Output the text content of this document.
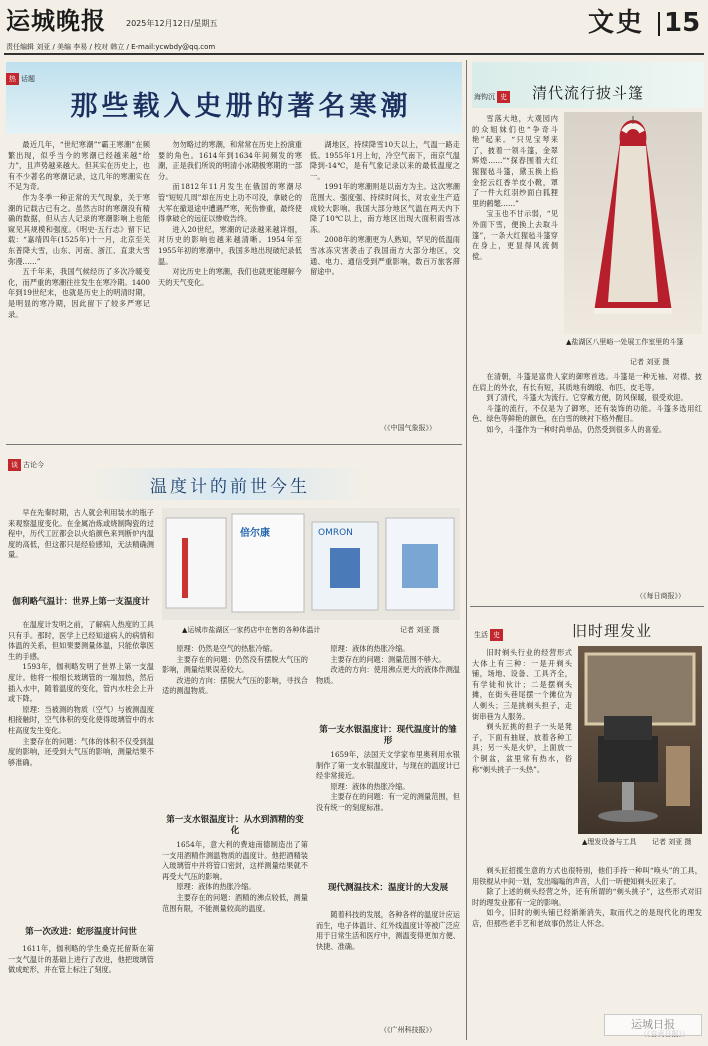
运城晚报	2025年12月12日/星期五	文史 15
责任编辑 刘亚 / 美编 李易 / 校对 韩立 / E-mail:ycwbdy@qq.com
热 话题
那些载入史册的著名寒潮

最近几年，“世纪寒潮”“霸王寒潮”在频繁出现，似乎当今的寒潮已经越来越“给力”，且声势越来越大。但其实在历史上，也有不少著名的寒潮记录，这几年的寒潮实在不足为奇。

作为冬季一种正常的天气现象，关于寒潮的记载古已有之。虽然古时的寒潮没有精确的数据，但从古人记录的寒潮影响上也能窥见其规模和强度。《明史·五行志》留下记载：“嘉靖四年(1525年)十一月，北京至关东普降大雪，山东、河南、浙江、直隶大雪弥漫……”

五千年来，我国气候经历了多次冷暖变化，而严重的寒潮往往发生在寒冷期。1400年到19世纪末，也就是历史上的明清时期，是明显的寒冷期，因此留下了较多严寒记录。

勿勿略过的寒潮，和常常在历史上扮演重要的角色。1614年到1634年间频发的寒潮，正是我们所说的明清小冰期极寒期的一部分。

而1812年11月发生在俄国的寒潮尽管“短短几周”却在历史上功不可没，拿破仑的大军在撤退途中遭遇严寒，死伤惨重，最终使得拿破仑的远征以惨败告终。

进入20世纪，寒潮的记录越来越详细，对历史的影响也越来越清晰。1954年至1955年初的寒潮中，我国多地出现破纪录低温。

对比历史上的寒潮，我们也就更能理解今天的天气变化。

湖地区，持续降雪10天以上，气温一路走低。1955年1月上旬，冷空气南下，南京气温降到-14℃，是有气象记录以来的最低温度之一。

1991年的寒潮则是以南方为主。这次寒潮范围大、强度强、持续时间长，对农业生产造成较大影响。我国大部分地区气温在两天内下降了10℃以上，南方地区出现大面积雨雪冰冻。

2008年的寒潮更为人熟知，罕见的低温雨雪冰冻灾害袭击了我国南方大部分地区，交通、电力、通信受到严重影响，数百万旅客滞留途中。

（《中国气象报》）
海钩沉 史 清代流行披斗篷

雪落大地，大观园内的众姐妹们也“争奇斗艳”起来。“只见宝琴来了，披着一领斗篷，金翠辉煌……”“探春围着大红猩猩毡斗篷，黛玉换上掐金挖云红香羊皮小靴，罩了一件大红羽纱面白狐狸里的鹤氅……”

宝玉也不甘示弱，“见外面下雪，便换上去取斗篷”，一条大红猩毡斗篷穿在身上，更显得风流倜傥。

▲盐湖区八里峪一处展工作室里的斗篷
记者 刘亚 摄

在清朝，斗篷是富贵人家的御寒首选。斗篷是一种无袖、对襟、披在肩上的外衣，有长有短，其质地有绸缎、布匹、皮毛等。

到了清代，斗篷大为流行。它穿戴方便，防风保暖，很受欢迎。

斗篷的流行，不仅是为了御寒，还有装饰的功能。斗篷多选用红色、绿色等鲜艳的颜色，在白雪的映衬下格外醒目。

如今，斗篷作为一种时尚单品，仍然受到很多人的喜爱。

（《每日商报》）
生活 史	旧时理发业

旧时剃头行业的经营形式大体上有三种：一是开剃头铺，场地、设备、工具齐全，有学徒和伙计；二是摆剃头摊，在街头巷尾摆一个摊位为人剃头；三是挑剃头担子，走街串巷为人服务。

剃头匠挑的担子一头是凳子，下面有抽屉，放着各种工具；另一头是火炉，上面放一个铜盆，盆里常有热水，俗称“剃头挑子一头热”。

▲理发设备与工具 记者 刘亚 摄

剃头匠招揽生意的方式也很特别，他们手持一种叫“唤头”的工具，用铁棍从中间一划，发出嗡嗡的声音，人们一听便知剃头匠来了。

除了上述的剃头经营之外，还有所谓的“剃头挑子”，这些形式对旧时的理发业都有一定的影响。

如今，旧时的剃头铺已经渐渐消失，取而代之的是现代化的理发店，但那些老手艺和老故事仍然让人怀念。

谈 古论今
温度计的前世今生

早在先秦时期，古人就会利用装水的瓶子来观察温度变化。在金属冶炼或烧制陶瓷的过程中，历代工匠都会以火焰颜色来判断炉内温度的高低，但这都只是经验感知，无法精确测量。

倍尔康	OMRON
▲运城市盐湖区一家药店中在售的各种体温计	记者 刘亚 摄
伽利略气温计：世界上第一支温度计

在温度计发明之前，了解病人热度的工具只有手。那时，医学上已经知道病人的病情和体温的关系，但如果要测量体温，只能依靠医生的手感。

1593年，伽利略发明了世界上第一支温度计。他将一根细长玻璃管的一端加热，然后插入水中，随着温度的变化，管内水柱会上升或下降。

原理：当被测的物质（空气）与被测温度相接触时，空气体积的变化使得玻璃管中的水柱高度发生变化。

主要存在的问题：气体的体积不仅受到温度的影响，还受到大气压的影响，测量结果不够准确。

第一次改进：蛇形温度计问世

1611年，伽利略的学生桑克托留斯在第一支气温计的基础上进行了改进，他把玻璃管做成蛇形，并在管上标注了刻度。

原理：仍然是空气的热胀冷缩。

主要存在的问题：仍然没有摆脱大气压的影响，测量结果误差较大。

改进的方向：摆脱大气压的影响，寻找合适的测温物质。

第一支水银温度计：从水到酒精的变化

1654年，意大利的费迪南德制造出了第一支用酒精作测温物质的温度计。他把酒精装入玻璃管中并将管口密封，这样测量结果就不再受大气压的影响。

原理：液体的热胀冷缩。

主要存在的问题：酒精的沸点较低，测量范围有限，不能测量较高的温度。

原理：液体的热胀冷缩。

主要存在的问题：测量范围不够大。

改进的方向：使用沸点更大的液体作测温物质。

第一支水银温度计：现代温度计的雏形

1659年，法国天文学家布里奥利用水银制作了第一支水银温度计，与现在的温度计已经非常接近。

原理：液体的热胀冷缩。

主要存在的问题：有一定的测量范围，但没有统一的刻度标准。

现代测温技术：温度计的大发展

随着科技的发展，各种各样的温度计应运而生，电子体温计、红外线温度计等被广泛应用于日常生活和医疗中，测温变得更加方便、快捷、准确。

（《广州科技报》）	运城日报
